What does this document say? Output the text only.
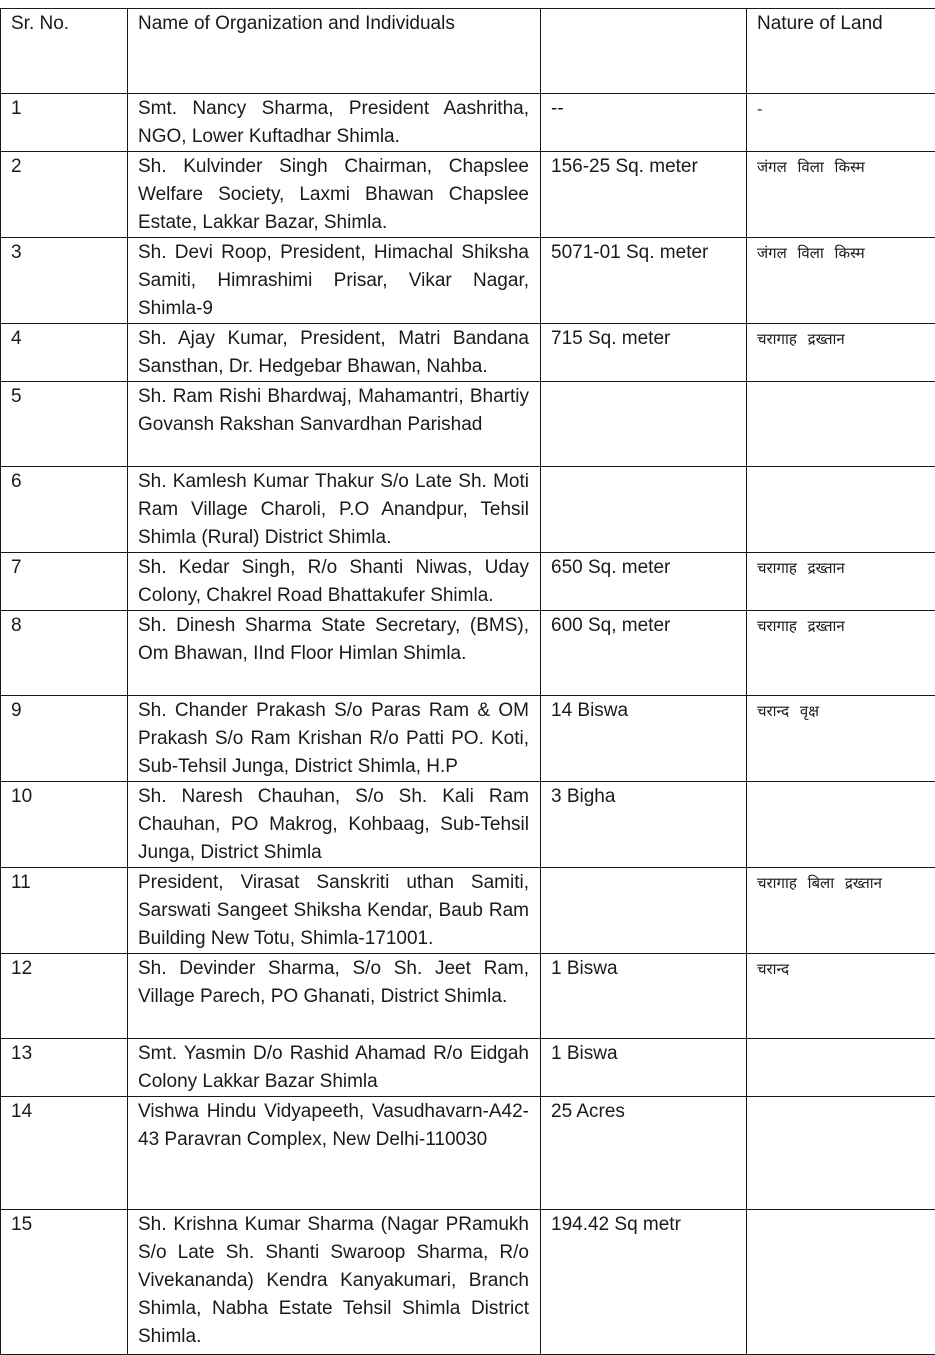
Sr. No.	Name of Organization and Individuals		Nature of Land
1	Smt. Nancy Sharma, President Aashritha, NGO, Lower Kuftadhar Shimla.	--	-
2	Sh. Kulvinder Singh Chairman, Chapslee Welfare Society, Laxmi Bhawan Chapslee Estate, Lakkar Bazar, Shimla.	156-25 Sq. meter	जंगल विला किस्म
3	Sh. Devi Roop, President, Himachal Shiksha Samiti, Himrashimi Prisar, Vikar Nagar, Shimla-9	5071-01 Sq. meter	जंगल विला किस्म
4	Sh. Ajay Kumar, President, Matri Bandana Sansthan, Dr. Hedgebar Bhawan, Nahba.	715 Sq. meter	चरागाह द्रख्तान
5	Sh. Ram Rishi Bhardwaj, Mahamantri, Bhartiy Govansh Rakshan Sanvardhan Parishad		
6	Sh. Kamlesh Kumar Thakur S/o Late Sh. Moti Ram Village Charoli, P.O Anandpur, Tehsil Shimla (Rural) District Shimla.		
7	Sh. Kedar Singh, R/o Shanti Niwas, Uday Colony, Chakrel Road Bhattakufer Shimla.	650 Sq. meter	चरागाह द्रख्तान
8	Sh. Dinesh Sharma State Secretary, (BMS), Om Bhawan, IInd Floor Himlan Shimla.	600 Sq, meter	चरागाह द्रख्तान
9	Sh. Chander Prakash S/o Paras Ram & OM Prakash S/o Ram Krishan R/o Patti PO. Koti, Sub-Tehsil Junga, District Shimla, H.P	14 Biswa	चरान्द वृक्ष
10	Sh. Naresh Chauhan, S/o Sh. Kali Ram Chauhan, PO Makrog, Kohbaag, Sub-Tehsil Junga, District Shimla	3 Bigha	
11	President, Virasat Sanskriti uthan Samiti, Sarswati Sangeet Shiksha Kendar, Baub Ram Building New Totu, Shimla-171001.		चरागाह बिला द्रख्तान
12	Sh. Devinder Sharma, S/o Sh. Jeet Ram, Village Parech, PO Ghanati, District Shimla.	1 Biswa	चरान्द
13	Smt. Yasmin D/o Rashid Ahamad R/o Eidgah Colony Lakkar Bazar Shimla	1 Biswa	
14	Vishwa Hindu Vidyapeeth, Vasudhavarn-A42-43 Paravran Complex, New Delhi-110030	25 Acres	
15	Sh. Krishna Kumar Sharma (Nagar PRamukh S/o Late Sh. Shanti Swaroop Sharma, R/o Vivekananda) Kendra Kanyakumari, Branch Shimla, Nabha Estate Tehsil Shimla District Shimla.	194.42 Sq metr	
